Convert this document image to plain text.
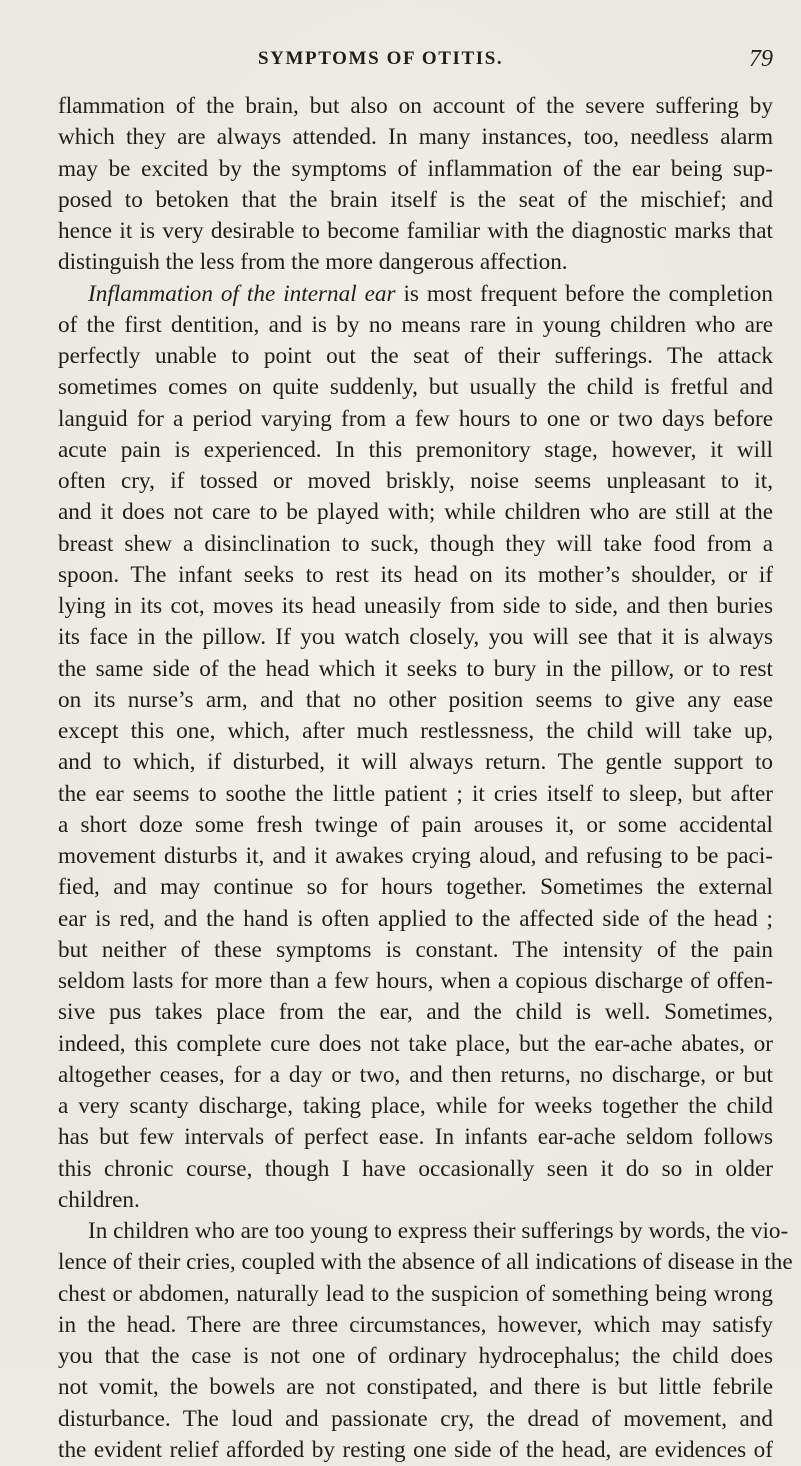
SYMPTOMS OF OTITIS.	79
flammation of the brain, but also on account of the severe suffering by
which they are always attended. In many instances, too, needless alarm
may be excited by the symptoms of inflammation of the ear being sup-
posed to betoken that the brain itself is the seat of the mischief; and
hence it is very desirable to become familiar with the diagnostic marks that
distinguish the less from the more dangerous affection.
Inflammation of the internal ear is most frequent before the completion
of the first dentition, and is by no means rare in young children who are
perfectly unable to point out the seat of their sufferings. The attack
sometimes comes on quite suddenly, but usually the child is fretful and
languid for a period varying from a few hours to one or two days before
acute pain is experienced. In this premonitory stage, however, it will
often cry, if tossed or moved briskly, noise seems unpleasant to it,
and it does not care to be played with; while children who are still at the
breast shew a disinclination to suck, though they will take food from a
spoon. The infant seeks to rest its head on its mother’s shoulder, or if
lying in its cot, moves its head uneasily from side to side, and then buries
its face in the pillow. If you watch closely, you will see that it is always
the same side of the head which it seeks to bury in the pillow, or to rest
on its nurse’s arm, and that no other position seems to give any ease
except this one, which, after much restlessness, the child will take up,
and to which, if disturbed, it will always return. The gentle support to
the ear seems to soothe the little patient ; it cries itself to sleep, but after
a short doze some fresh twinge of pain arouses it, or some accidental
movement disturbs it, and it awakes crying aloud, and refusing to be paci-
fied, and may continue so for hours together. Sometimes the external
ear is red, and the hand is often applied to the affected side of the head ;
but neither of these symptoms is constant. The intensity of the pain
seldom lasts for more than a few hours, when a copious discharge of offen-
sive pus takes place from the ear, and the child is well. Sometimes,
indeed, this complete cure does not take place, but the ear-ache abates, or
altogether ceases, for a day or two, and then returns, no discharge, or but
a very scanty discharge, taking place, while for weeks together the child
has but few intervals of perfect ease. In infants ear-ache seldom follows
this chronic course, though I have occasionally seen it do so in older
children.
In children who are too young to express their sufferings by words, the vio-
lence of their cries, coupled with the absence of all indications of disease in the
chest or abdomen, naturally lead to the suspicion of something being wrong
in the head. There are three circumstances, however, which may satisfy
you that the case is not one of ordinary hydrocephalus; the child does
not vomit, the bowels are not constipated, and there is but little febrile
disturbance. The loud and passionate cry, the dread of movement, and
the evident relief afforded by resting one side of the head, are evidences of
